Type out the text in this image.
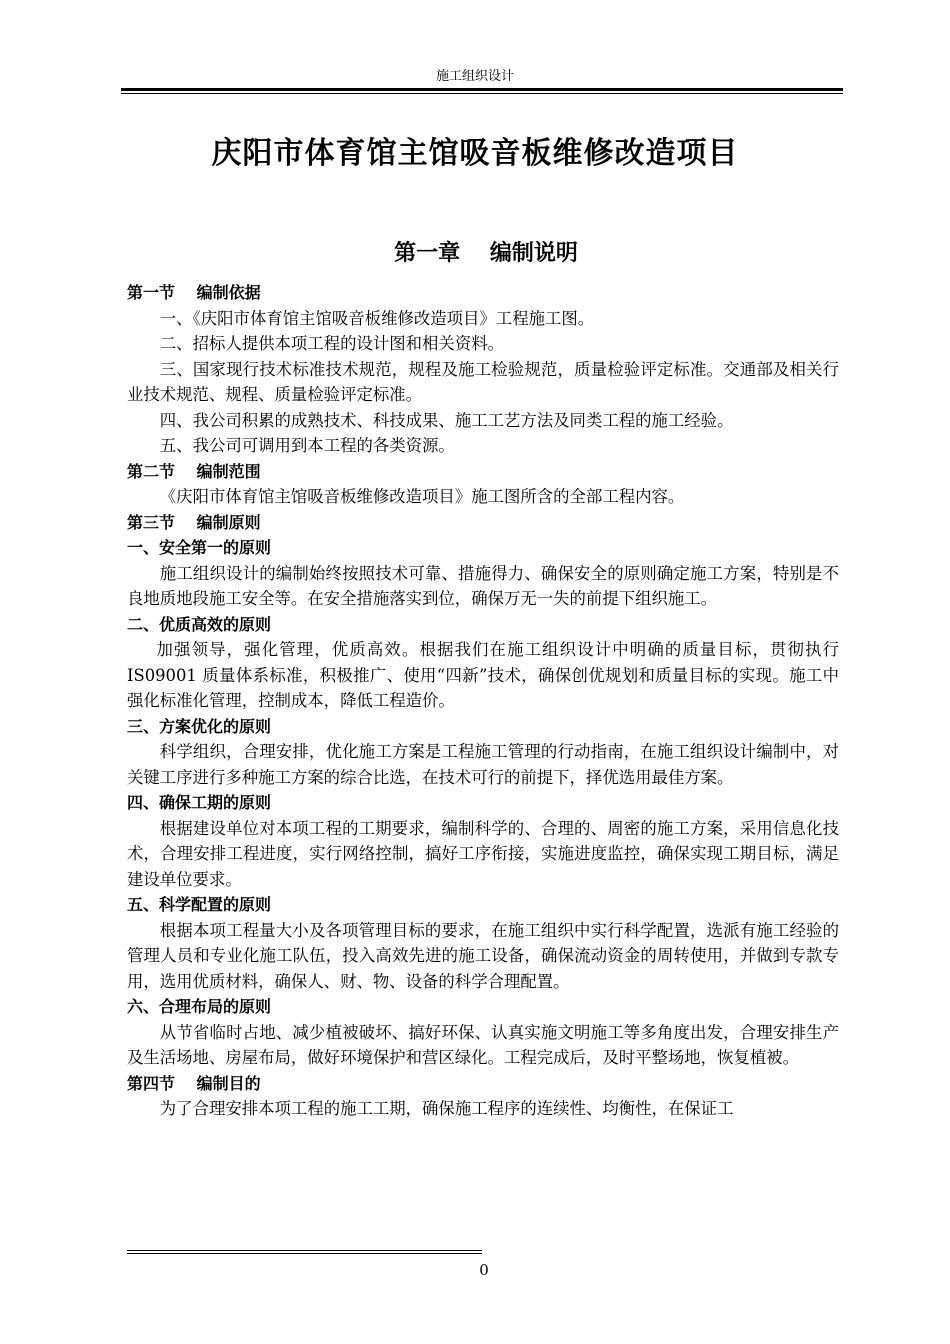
施工组织设计
庆阳市体育馆主馆吸音板维修改造项目
第一章　 编制说明
第一节　 编制依据

一、《庆阳市体育馆主馆吸音板维修改造项目》工程施工图。

二、招标人提供本项工程的设计图和相关资料。

三、国家现行技术标准技术规范，规程及施工检验规范，质量检验评定标准。交通部及相关行业技术规范、规程、质量检验评定标准。

四、我公司积累的成熟技术、科技成果、施工工艺方法及同类工程的施工经验。

五、我公司可调用到本工程的各类资源。

第二节　 编制范围

《庆阳市体育馆主馆吸音板维修改造项目》施工图所含的全部工程内容。

第三节　 编制原则
一、安全第一的原则

施工组织设计的编制始终按照技术可靠、措施得力、确保安全的原则确定施工方案，特别是不良地质地段施工安全等。在安全措施落实到位，确保万无一失的前提下组织施工。

二、优质高效的原则

加强领导，强化管理，优质高效。根据我们在施工组织设计中明确的质量目标，贯彻执行 IS09001 质量体系标准，积极推广、使用“四新”技术，确保创优规划和质量目标的实现。施工中强化标准化管理，控制成本，降低工程造价。

三、方案优化的原则

科学组织，合理安排，优化施工方案是工程施工管理的行动指南，在施工组织设计编制中，对关键工序进行多种施工方案的综合比选，在技术可行的前提下，择优选用最佳方案。

四、确保工期的原则

根据建设单位对本项工程的工期要求，编制科学的、合理的、周密的施工方案，采用信息化技术，合理安排工程进度，实行网络控制，搞好工序衔接，实施进度监控，确保实现工期目标，满足建设单位要求。

五、科学配置的原则

根据本项工程量大小及各项管理目标的要求，在施工组织中实行科学配置，选派有施工经验的管理人员和专业化施工队伍，投入高效先进的施工设备，确保流动资金的周转使用，并做到专款专用，选用优质材料，确保人、财、物、设备的科学合理配置。

六、合理布局的原则

从节省临时占地、减少植被破坏、搞好环保、认真实施文明施工等多角度出发，合理安排生产及生活场地、房屋布局，做好环境保护和营区绿化。工程完成后，及时平整场地，恢复植被。

第四节　 编制目的

为了合理安排本项工程的施工工期，确保施工程序的连续性、均衡性，在保证工

0
